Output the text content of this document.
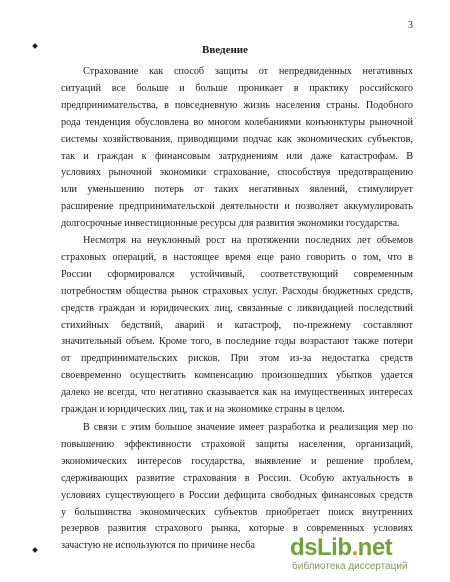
3
Введение
Страхование как способ защиты от непредвиденных негативных
ситуаций все больше и больше проникает в практику российского
предпринимательства, в повседневную жизнь населения страны. Подобного
рода тенденция обусловлена во многом колебаниями конъюнктуры рыночной
системы хозяйствования, приводящими подчас как экономических субъектов,
так и граждан к финансовым затруднениям или даже катастрофам. В
условиях рыночной экономики страхование, способствуя предотвращению
или уменьшению потерь от таких негативных явлений, стимулирует
расширение предпринимательской деятельности и позволяет аккумулировать
долгосрочные инвестиционные ресурсы для развития экономики государства.
Несмотря на неуклонный рост на протяжении последних лет объемов
страховых операций, в настоящее время еще рано говорить о том, что в
России сформировался устойчивый, соответствующий современным
потребностям общества рынок страховых услуг. Расходы бюджетных средств,
средств граждан и юридических лиц, связанные с ликвидацией последствий
стихийных бедствий, аварий и катастроф, по-прежнему составляют
значительный объем. Кроме того, в последние годы возрастают также потери
от предпринимательских рисков. При этом из-за недостатка средств
своевременно осуществить компенсацию произошедших убытков удается
далеко не всегда, что негативно сказывается как на имущественных интересах
граждан и юридических лиц, так и на экономике страны в целом.
В связи с этим большое значение имеет разработка и реализация мер по
повышению эффективности страховой защиты населения, организаций,
экономических интересов государства, выявление и решение проблем,
сдерживающих развитие страхования в России. Особую актуальность в
условиях существующего в России дефицита свободных финансовых средств
у большинства экономических субъектов приобретает поиск внутренних
резервов развития страхового рынка, которые в современных условиях
зачастую не используются по причине несба	dsLib.net
библиотека диссертаций
